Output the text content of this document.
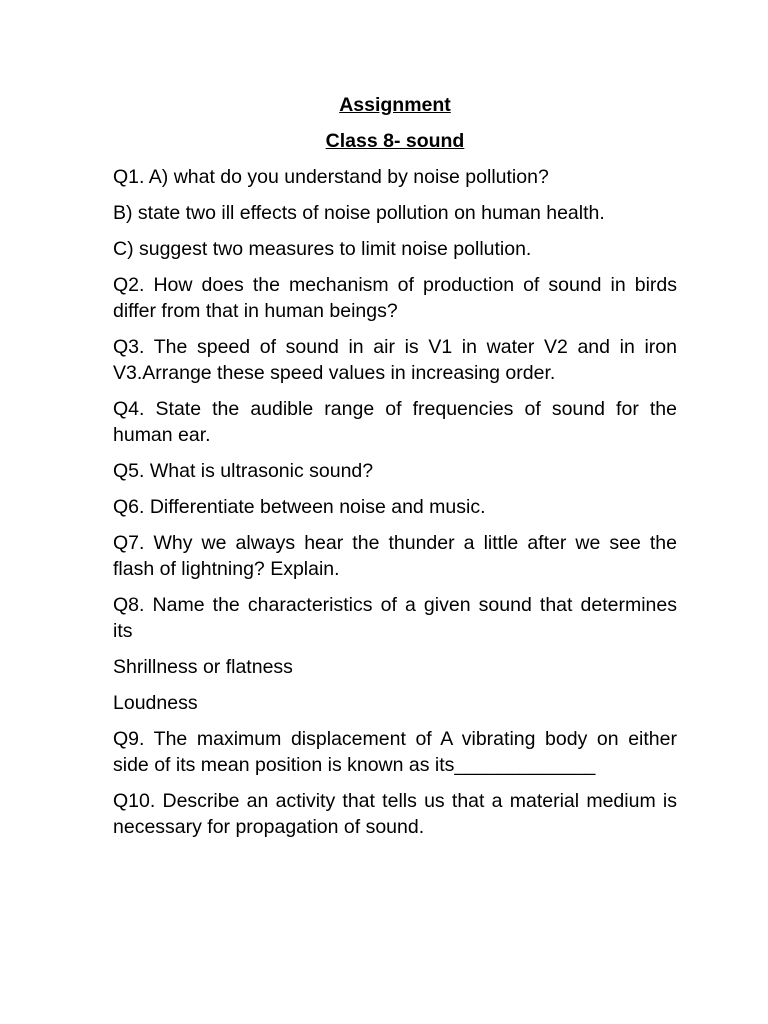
Assignment
Class 8- sound
Q1. A) what do you understand by noise pollution?
B) state two ill effects of noise pollution on human health.
C) suggest two measures to limit noise pollution.
Q2. How does the mechanism of production of sound in birds differ from that in human beings?
Q3. The speed of sound in air is V1 in water V2 and in iron V3.Arrange these speed values in increasing order.
Q4. State the audible range of frequencies of sound for the human ear.
Q5. What is ultrasonic sound?
Q6. Differentiate between noise and music.
Q7. Why we always hear the thunder a little after we see the flash of lightning? Explain.
Q8. Name the characteristics of a given sound that determines its
Shrillness or flatness
Loudness
Q9. The maximum displacement of A vibrating body on either side of its mean position is known as its_____________
Q10. Describe an activity that tells us that a material medium is necessary for propagation of sound.
